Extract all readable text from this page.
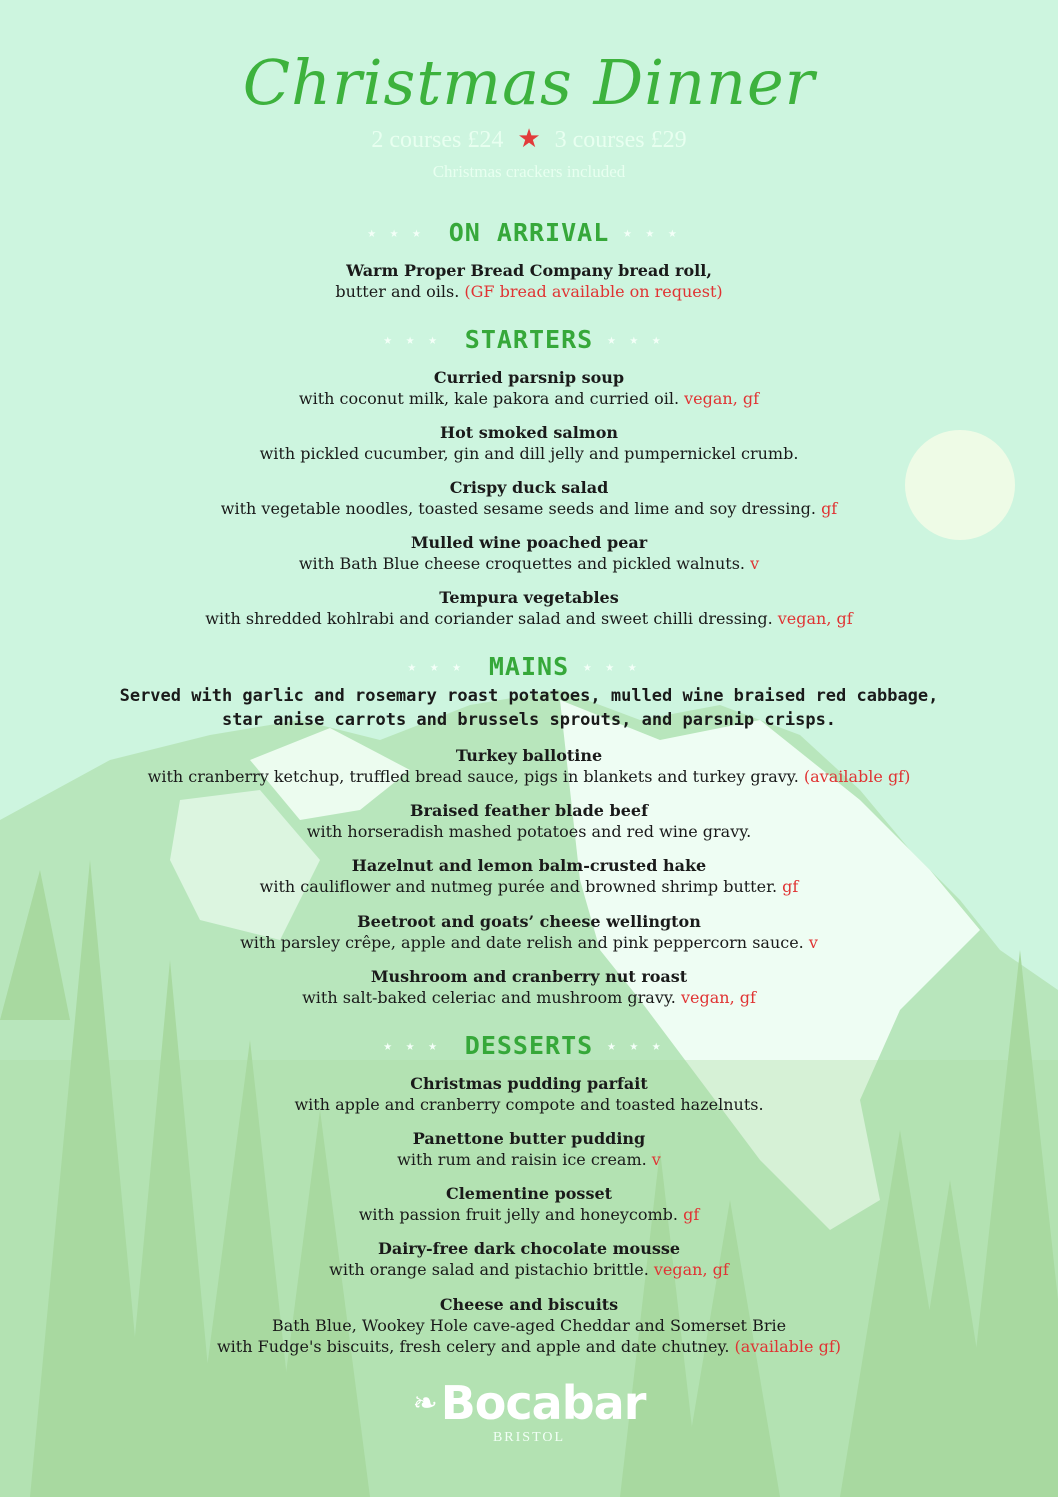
Christmas Dinner
2 courses £24 ★ 3 courses £29
Christmas crackers included
★★★ ON ARRIVAL ★★★
Warm Proper Bread Company bread roll,
butter and oils. (GF bread available on request)
★★★ STARTERS ★★★
Curried parsnip soup
with coconut milk, kale pakora and curried oil. vegan, gf
Hot smoked salmon
with pickled cucumber, gin and dill jelly and pumpernickel crumb.
Crispy duck salad
with vegetable noodles, toasted sesame seeds and lime and soy dressing. gf
Mulled wine poached pear
with Bath Blue cheese croquettes and pickled walnuts. v
Tempura vegetables
with shredded kohlrabi and coriander salad and sweet chilli dressing. vegan, gf
★★★ MAINS ★★★
Served with garlic and rosemary roast potatoes, mulled wine braised red cabbage,
star anise carrots and brussels sprouts, and parsnip crisps.
Turkey ballotine
with cranberry ketchup, truffled bread sauce, pigs in blankets and turkey gravy. (available gf)
Braised feather blade beef
with horseradish mashed potatoes and red wine gravy.
Hazelnut and lemon balm-crusted hake
with cauliflower and nutmeg purée and browned shrimp butter. gf
Beetroot and goats’ cheese wellington
with parsley crêpe, apple and date relish and pink peppercorn sauce. v
Mushroom and cranberry nut roast
with salt-baked celeriac and mushroom gravy. vegan, gf
★★★ DESSERTS ★★★
Christmas pudding parfait
with apple and cranberry compote and toasted hazelnuts.
Panettone butter pudding
with rum and raisin ice cream. v
Clementine posset
with passion fruit jelly and honeycomb. gf
Dairy-free dark chocolate mousse
with orange salad and pistachio brittle. vegan, gf
Cheese and biscuits
Bath Blue, Wookey Hole cave-aged Cheddar and Somerset Brie
with Fudge's biscuits, fresh celery and apple and date chutney. (available gf)
❧Bocabar
BRISTOL
